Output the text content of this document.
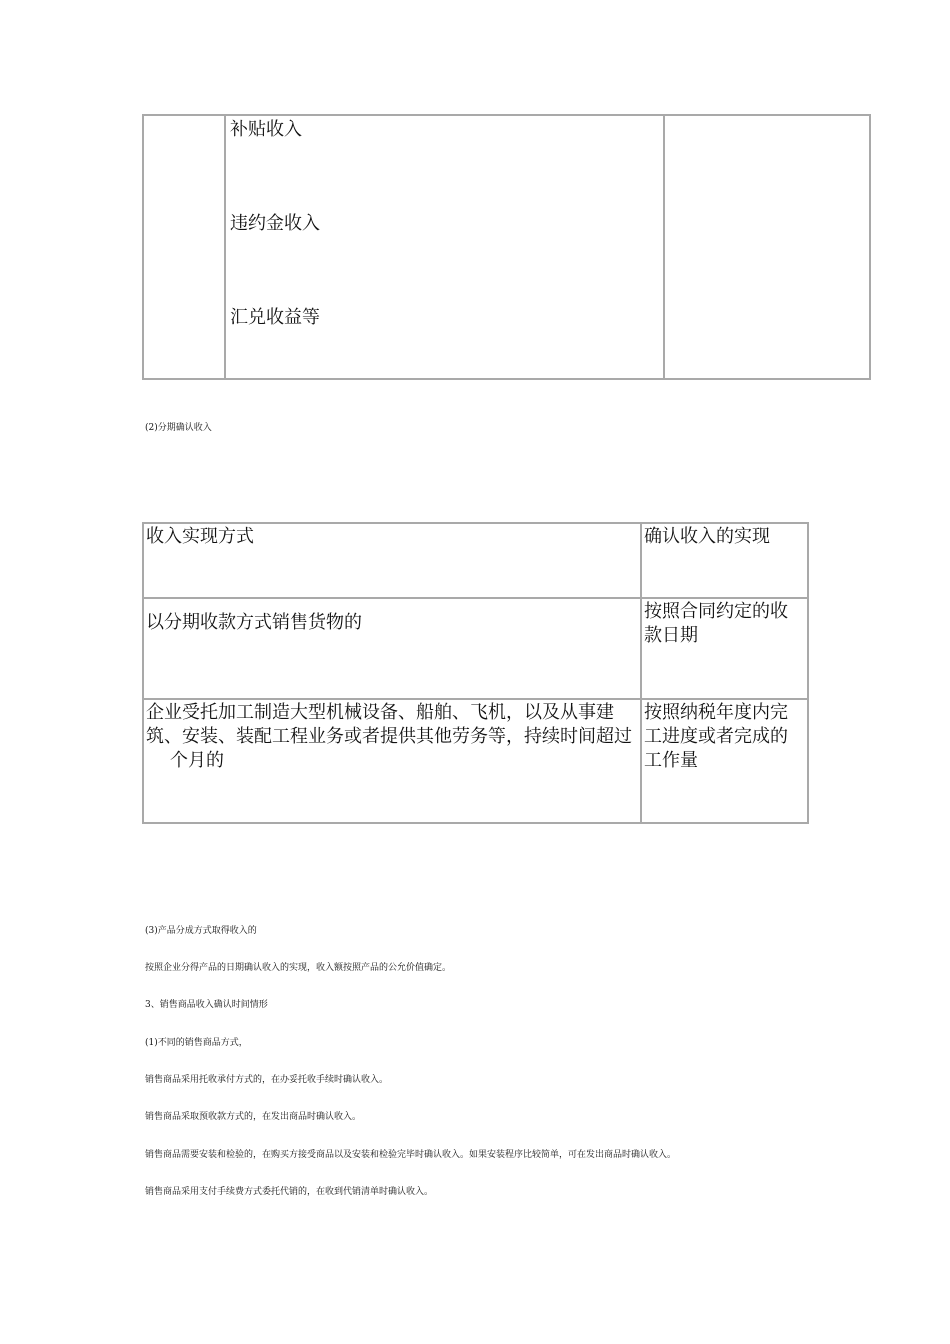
补贴收入
违约金收入
汇兑收益等
(2)分期确认收入
收入实现方式	确认收入的实现
以分期收款方式销售货物的	按照合同约定的收款日期
企业受托加工制造大型机械设备、船舶、飞机，以及从事建筑、安装、装配工程业务或者提供其他劳务等，持续时间超过个月的	按照纳税年度内完工进度或者完成的工作量
(3)产品分成方式取得收入的
按照企业分得产品的日期确认收入的实现，收入额按照产品的公允价值确定。
3、销售商品收入确认时间情形
(1)不同的销售商品方式，
销售商品采用托收承付方式的，在办妥托收手续时确认收入。
销售商品采取预收款方式的，在发出商品时确认收入。
销售商品需要安装和检验的，在购买方接受商品以及安装和检验完毕时确认收入。如果安装程序比较简单，可在发出商品时确认收入。
销售商品采用支付手续费方式委托代销的，在收到代销清单时确认收入。
